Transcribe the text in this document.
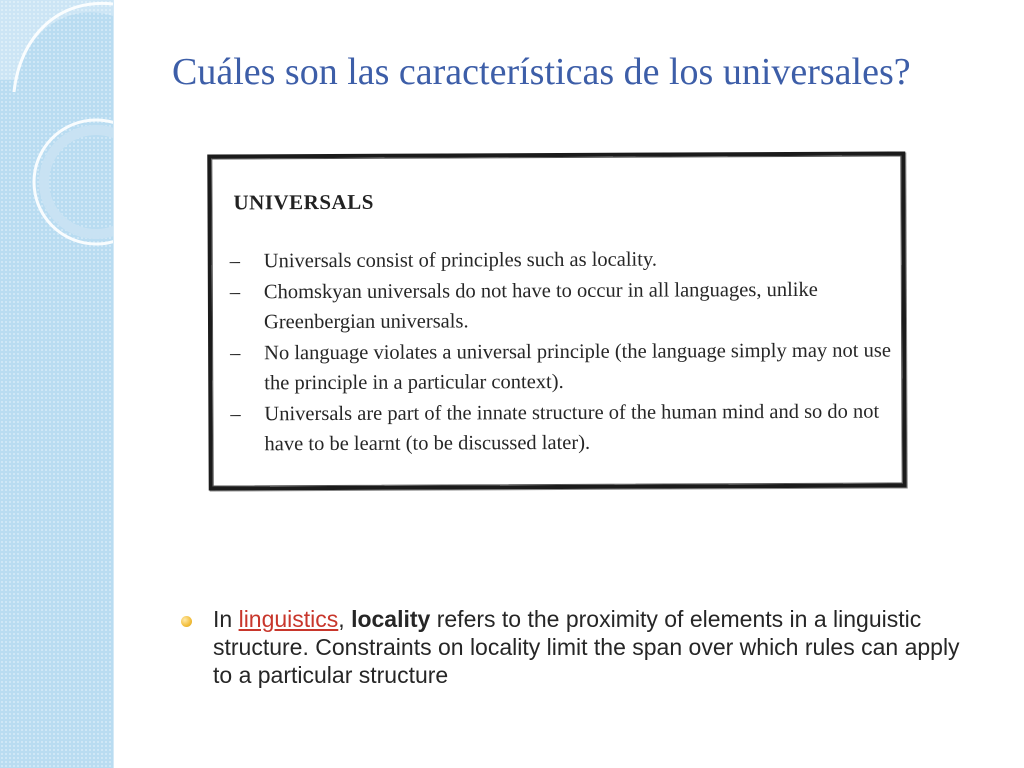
Cuáles son las características de los universales?
UNIVERSALS
– Universals consist of principles such as locality.
– Chomskyan universals do not have to occur in all languages, unlike Greenbergian universals.
– No language violates a universal principle (the language simply may not use the principle in a particular context).
– Universals are part of the innate structure of the human mind and so do not have to be learnt (to be discussed later).

In linguistics, locality refers to the proximity of elements in a linguistic structure. Constraints on locality limit the span over which rules can apply to a particular structure
